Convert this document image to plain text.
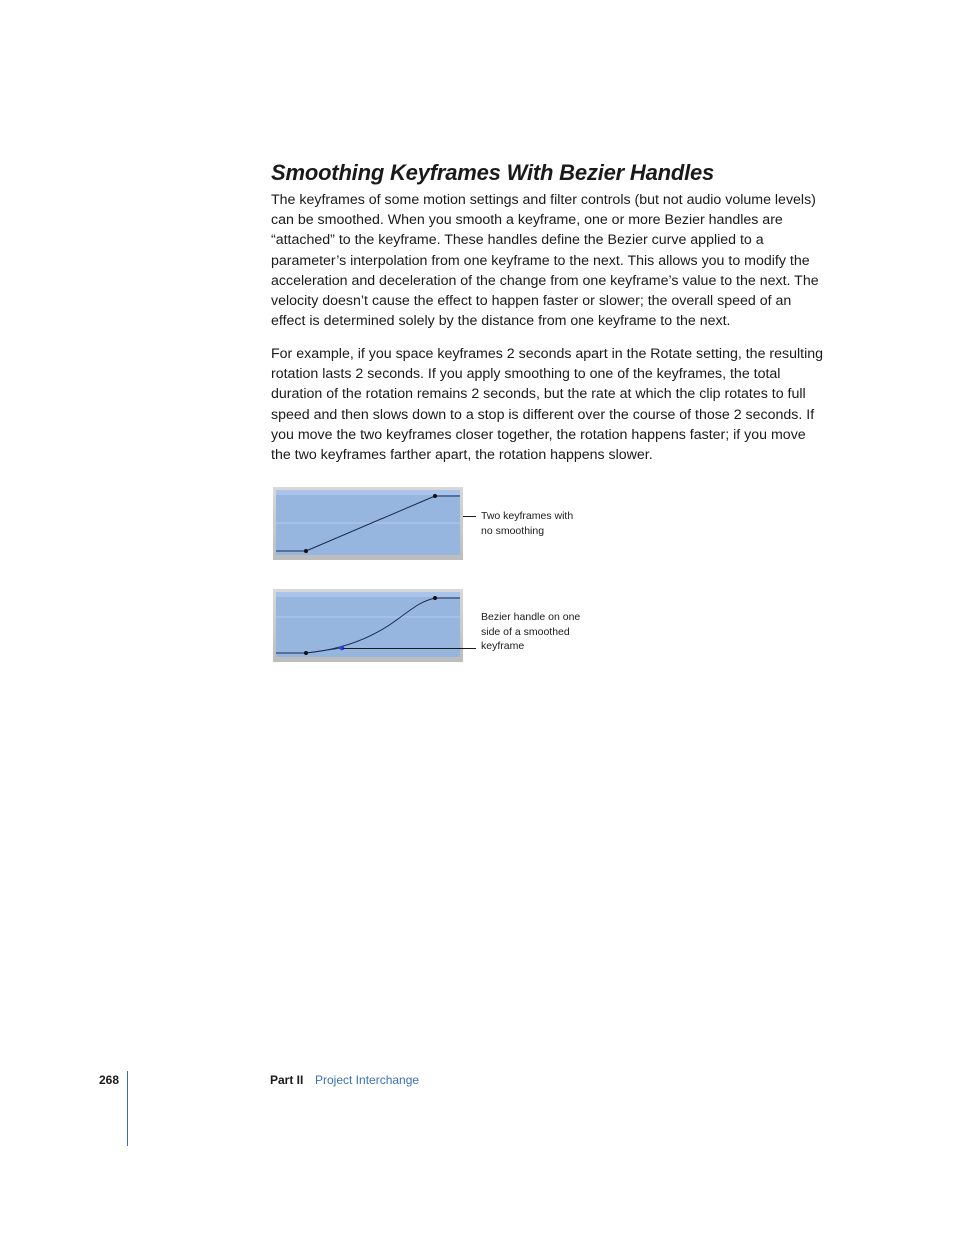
Smoothing Keyframes With Bezier Handles

The keyframes of some motion settings and filter controls (but not audio volume levels) can be smoothed. When you smooth a keyframe, one or more Bezier handles are “attached” to the keyframe. These handles define the Bezier curve applied to a parameter’s interpolation from one keyframe to the next. This allows you to modify the acceleration and deceleration of the change from one keyframe’s value to the next. The velocity doesn’t cause the effect to happen faster or slower; the overall speed of an effect is determined solely by the distance from one keyframe to the next.

For example, if you space keyframes 2 seconds apart in the Rotate setting, the resulting rotation lasts 2 seconds. If you apply smoothing to one of the keyframes, the total duration of the rotation remains 2 seconds, but the rate at which the clip rotates to full speed and then slows down to a stop is different over the course of those 2 seconds. If you move the two keyframes closer together, the rotation happens faster; if you move the two keyframes farther apart, the rotation happens slower.

Two keyframes with
no smoothing

Bezier handle on one
side of a smoothed
keyframe

268	Part II Project Interchange
